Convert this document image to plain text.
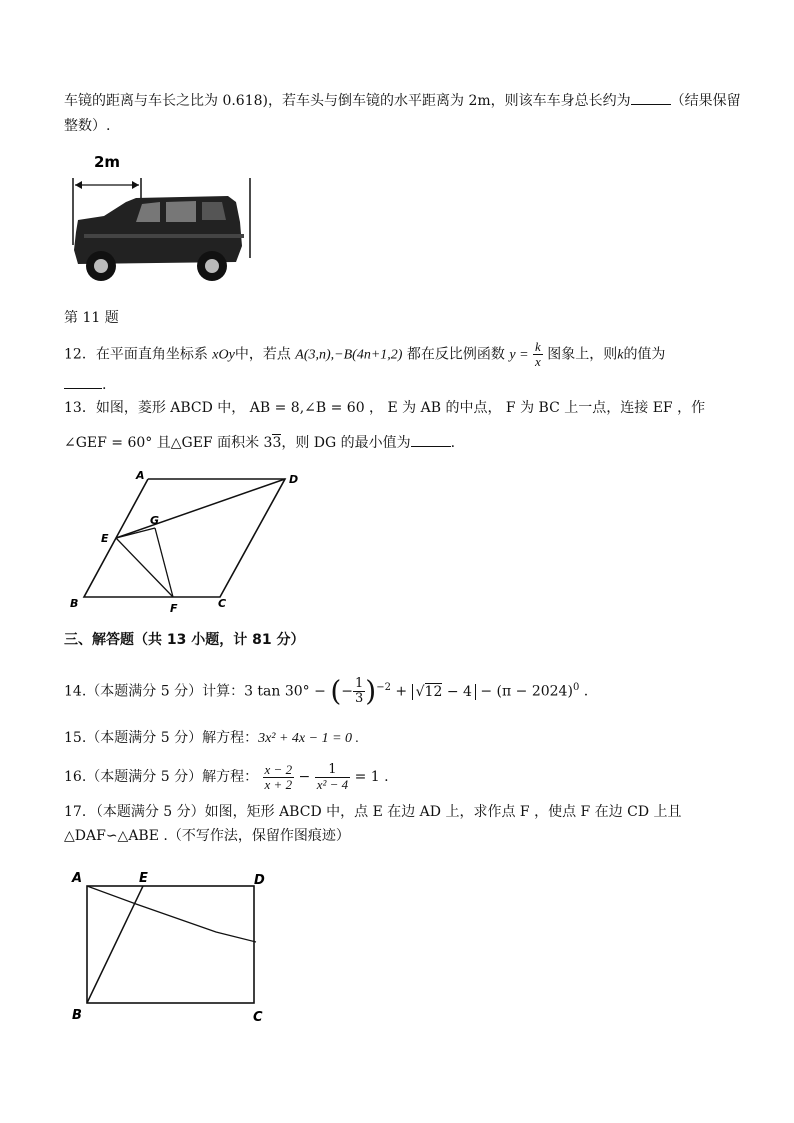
车镜的距离与车长之比为 0.618)，若车头与倒车镜的水平距离为 2m，则该车车身总长约为	（结果保留
整数）.
2m
第 11 题
12．在平面直角坐标系 xOy中，若点 A(3,n),−B(4n+1,2) 都在反比例函数 $y = \frac{k}{x}$ 图象上，则k的值为
.
13．如图，菱形 ABCD 中， AB = 8,∠B = 60 ， E 为 AB 的中点， F 为 BC 上一点，连接 EF ，作
∠GEF = 60° 且△GEF 面积米 33，则 DG 的最小值为	.
A	D
G
E
B	F	C
三、解答题（共 13 小题，计 81 分）
14.（本题满分 5 分）计算：3 tan 30° − (− $\frac{1}{3} )^{-2} + √12 - 4 - (\pi - 2024)^0$ .
15.（本题满分 5 分）解方程：3x² + 4x − 1 = 0 .
16.（本题满分 5 分）解方程： $\frac{x - 2}{x + 2} - \frac{1}{\text{x² − 4}} = 1$ .
17．（本题满分 5 分）如图，矩形 ABCD 中，点 E 在边 AD 上，求作点 F ，使点 F 在边 CD 上且
△DAF∽△ABE .（不写作法，保留作图痕迹）
A	E	D
B	C
